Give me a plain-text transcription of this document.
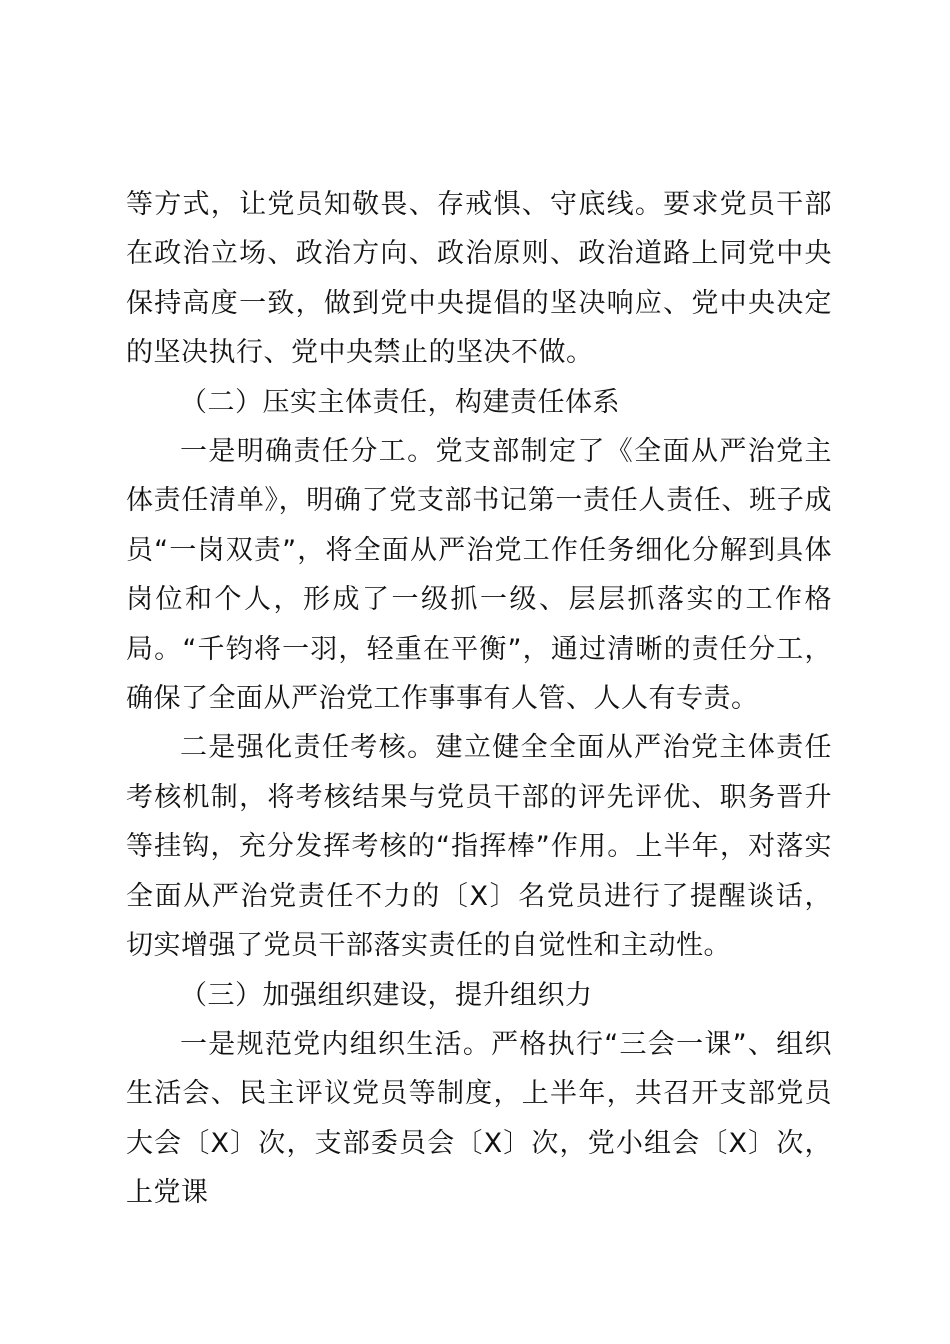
等方式，让党员知敬畏、存戒惧、守底线。要求党员干部在政治立场、政治方向、政治原则、政治道路上同党中央保持高度一致，做到党中央提倡的坚决响应、党中央决定的坚决执行、党中央禁止的坚决不做。

（二）压实主体责任，构建责任体系

一是明确责任分工。党支部制定了《全面从严治党主体责任清单》，明确了党支部书记第一责任人责任、班子成员“一岗双责”，将全面从严治党工作任务细化分解到具体岗位和个人，形成了一级抓一级、层层抓落实的工作格局。“千钧将一羽，轻重在平衡”，通过清晰的责任分工，确保了全面从严治党工作事事有人管、人人有专责。

二是强化责任考核。建立健全全面从严治党主体责任考核机制，将考核结果与党员干部的评先评优、职务晋升等挂钩，充分发挥考核的“指挥棒”作用。上半年，对落实全面从严治党责任不力的〔X〕名党员进行了提醒谈话，切实增强了党员干部落实责任的自觉性和主动性。

（三）加强组织建设，提升组织力

一是规范党内组织生活。严格执行“三会一课”、组织生活会、民主评议党员等制度，上半年，共召开支部党员大会〔X〕次，支部委员会〔X〕次，党小组会〔X〕次，上党课
